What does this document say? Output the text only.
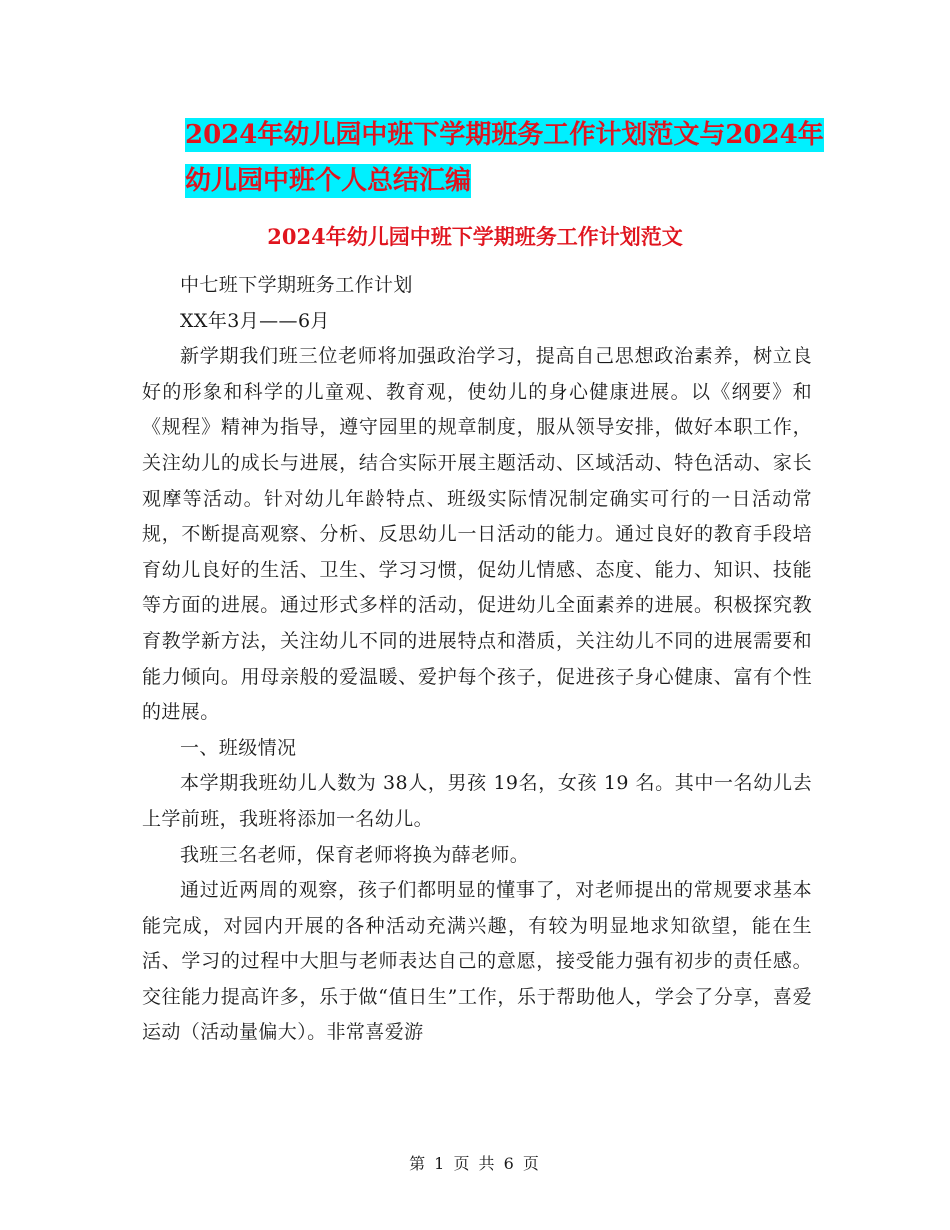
2024年幼儿园中班下学期班务工作计划范文与2024年
幼儿园中班个人总结汇编
2024年幼儿园中班下学期班务工作计划范文

中七班下学期班务工作计划

XX年3月——6月

新学期我们班三位老师将加强政治学习，提高自己思想政治素养，树立良好的形象和科学的儿童观、教育观，使幼儿的身心健康进展。以《纲要》和《规程》精神为指导，遵守园里的规章制度，服从领导安排，做好本职工作，关注幼儿的成长与进展，结合实际开展主题活动、区域活动、特色活动、家长观摩等活动。针对幼儿年龄特点、班级实际情况制定确实可行的一日活动常规，不断提高观察、分析、反思幼儿一日活动的能力。通过良好的教育手段培育幼儿良好的生活、卫生、学习习惯，促幼儿情感、态度、能力、知识、技能等方面的进展。通过形式多样的活动，促进幼儿全面素养的进展。积极探究教育教学新方法，关注幼儿不同的进展特点和潜质，关注幼儿不同的进展需要和能力倾向。用母亲般的爱温暖、爱护每个孩子，促进孩子身心健康、富有个性的进展。

一、班级情况

本学期我班幼儿人数为 38人，男孩 19名，女孩 19 名。其中一名幼儿去上学前班，我班将添加一名幼儿。

我班三名老师，保育老师将换为薛老师。

通过近两周的观察，孩子们都明显的懂事了，对老师提出的常规要求基本能完成，对园内开展的各种活动充满兴趣，有较为明显地求知欲望，能在生活、学习的过程中大胆与老师表达自己的意愿，接受能力强有初步的责任感。交往能力提高许多，乐于做“值日生”工作，乐于帮助他人，学会了分享，喜爱运动（活动量偏大）。非常喜爱游

第 1 页 共 6 页
